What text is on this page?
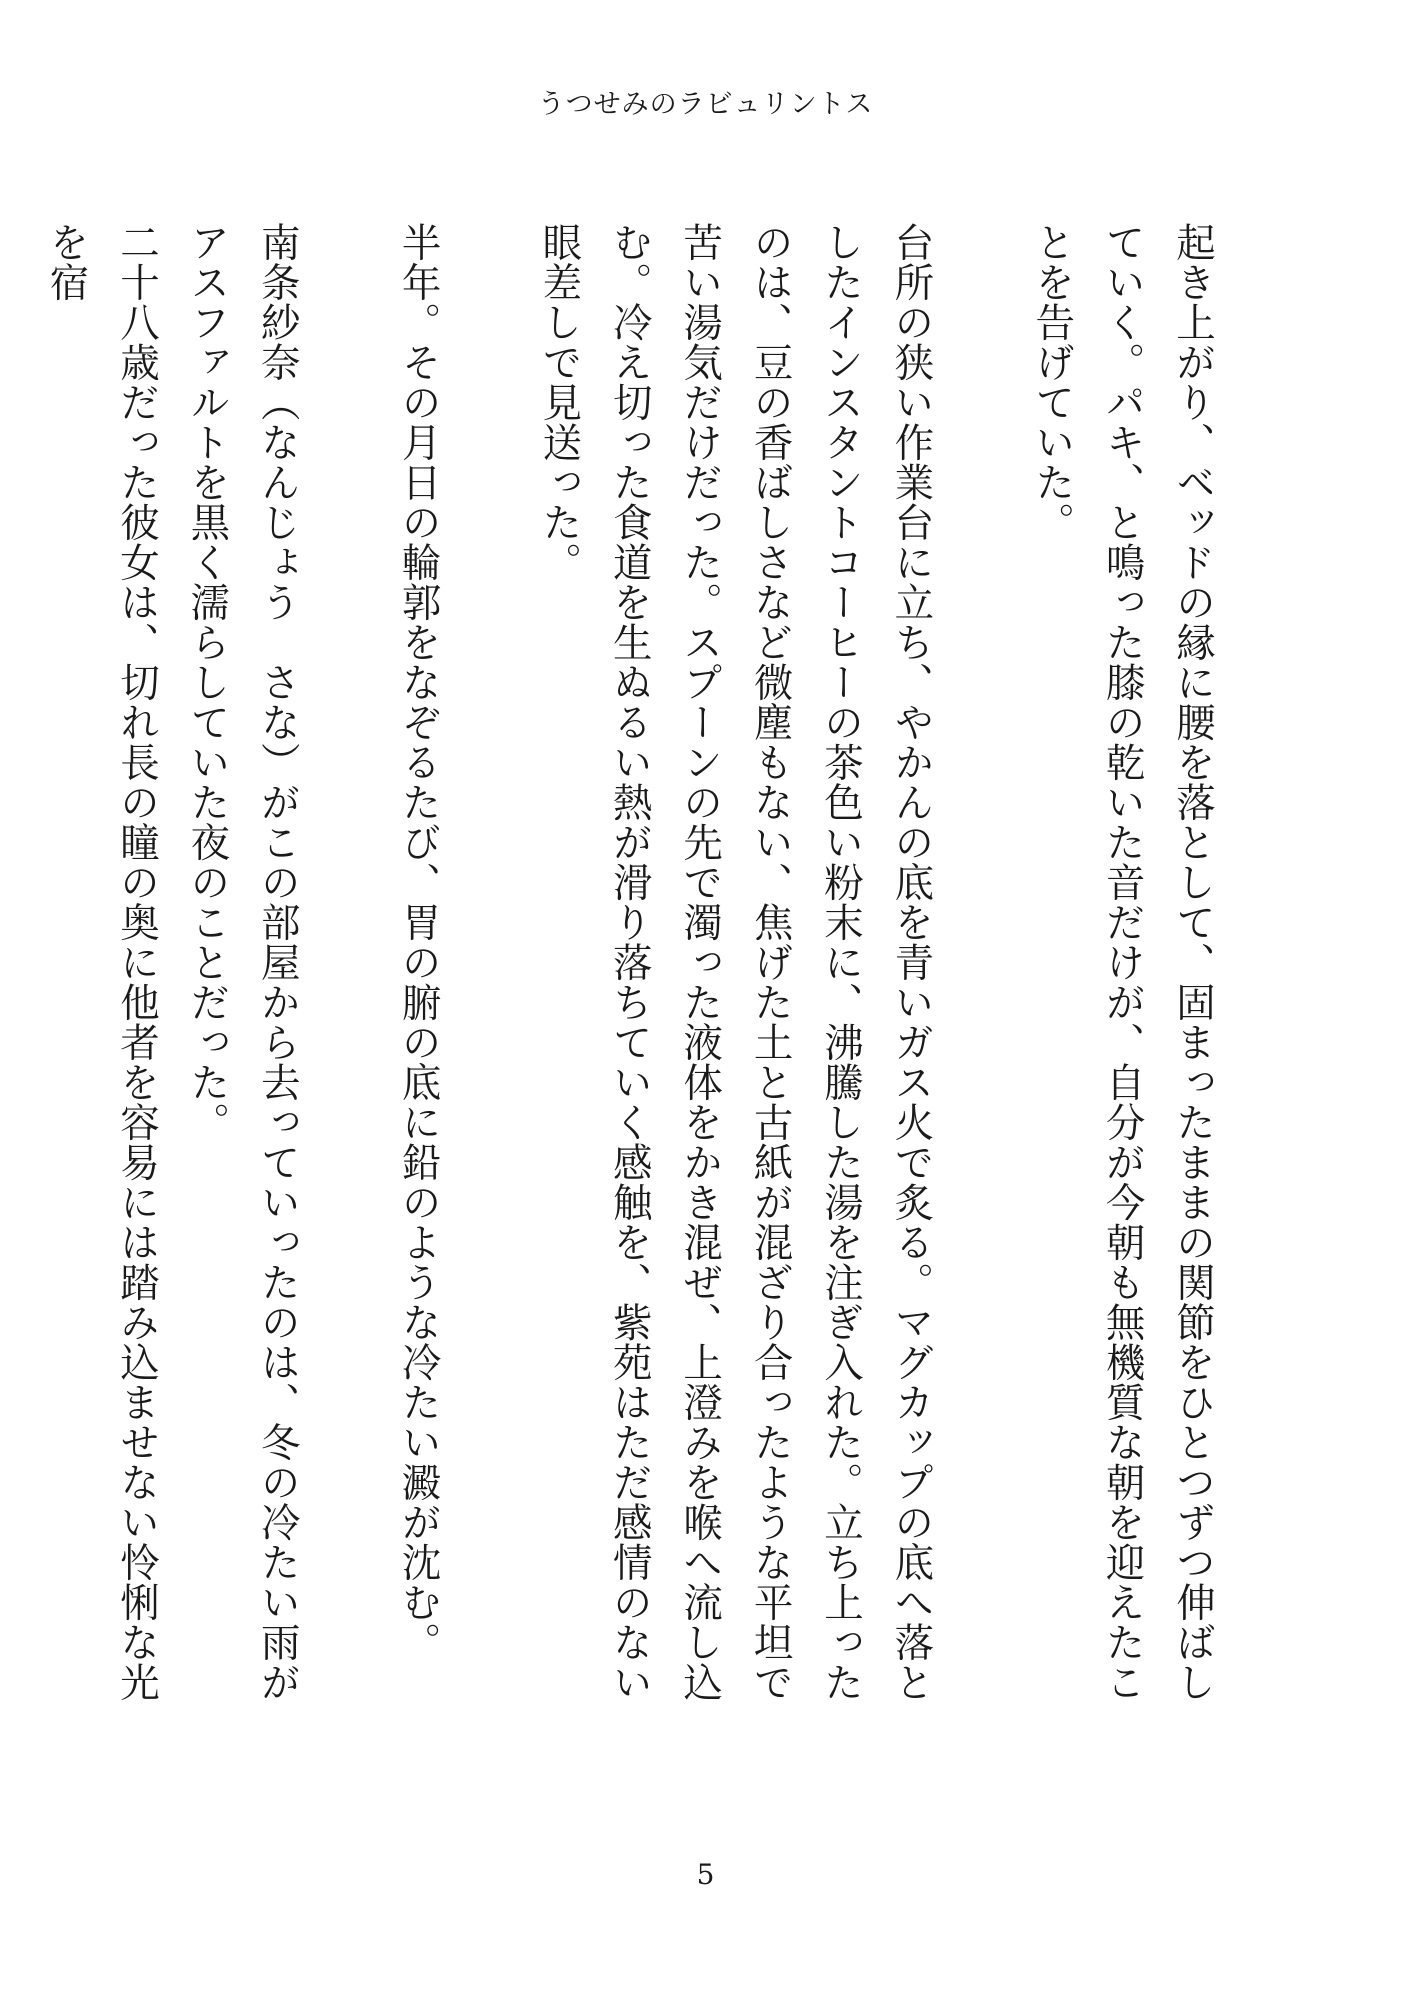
うつせみのラビュリントス

起き上がり、ベッドの縁に腰を落として、固まったままの関節をひとつずつ伸ばしていく。パキ、と鳴った膝の乾いた音だけが、自分が今朝も無機質な朝を迎えたことを告げていた。

台所の狭い作業台に立ち、やかんの底を青いガス火で炙る。マグカップの底へ落としたインスタントコーヒーの茶色い粉末に、沸騰した湯を注ぎ入れた。立ち上ったのは、豆の香ばしさなど微塵もない、焦げた土と古紙が混ざり合ったような平坦で苦い湯気だけだった。スプーンの先で濁った液体をかき混ぜ、上澄みを喉へ流し込む。冷え切った食道を生ぬるい熱が滑り落ちていく感触を、紫苑はただ感情のない眼差しで見送った。

半年。その月日の輪郭をなぞるたび、胃の腑の底に鉛のような冷たい澱が沈む。

南条紗奈（なんじょう　さな）がこの部屋から去っていったのは、冬の冷たい雨がアスファルトを黒く濡らしていた夜のことだった。

二十八歳だった彼女は、切れ長の瞳の奥に他者を容易には踏み込ませない怜悧な光を宿

5
